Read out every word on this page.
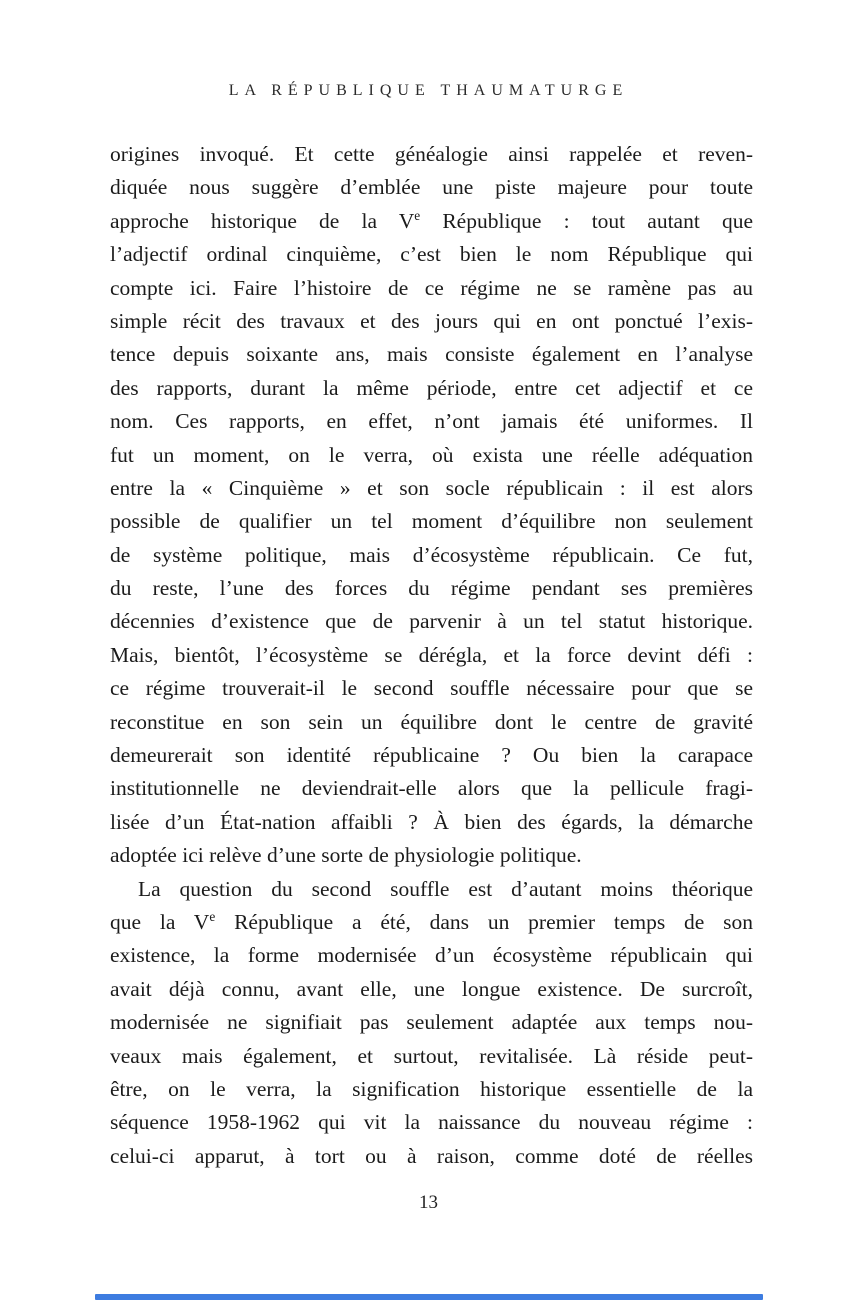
LA RÉPUBLIQUE THAUMATURGE
origines invoqué. Et cette généalogie ainsi rappelée et reven-
diquée nous suggère d’emblée une piste majeure pour toute
approche historique de la Ve République : tout autant que
l’adjectif ordinal cinquième, c’est bien le nom République qui
compte ici. Faire l’histoire de ce régime ne se ramène pas au
simple récit des travaux et des jours qui en ont ponctué l’exis-
tence depuis soixante ans, mais consiste également en l’analyse
des rapports, durant la même période, entre cet adjectif et ce
nom. Ces rapports, en effet, n’ont jamais été uniformes. Il
fut un moment, on le verra, où exista une réelle adéquation
entre la « Cinquième » et son socle républicain : il est alors
possible de qualifier un tel moment d’équilibre non seulement
de système politique, mais d’écosystème républicain. Ce fut,
du reste, l’une des forces du régime pendant ses premières
décennies d’existence que de parvenir à un tel statut historique.
Mais, bientôt, l’écosystème se dérégla, et la force devint défi :
ce régime trouverait-il le second souffle nécessaire pour que se
reconstitue en son sein un équilibre dont le centre de gravité
demeurerait son identité républicaine ? Ou bien la carapace
institutionnelle ne deviendrait-elle alors que la pellicule fragi-
lisée d’un État-nation affaibli ? À bien des égards, la démarche
adoptée ici relève d’une sorte de physiologie politique.
La question du second souffle est d’autant moins théorique
que la Ve République a été, dans un premier temps de son
existence, la forme modernisée d’un écosystème républicain qui
avait déjà connu, avant elle, une longue existence. De surcroît,
modernisée ne signifiait pas seulement adaptée aux temps nou-
veaux mais également, et surtout, revitalisée. Là réside peut-
être, on le verra, la signification historique essentielle de la
séquence 1958-1962 qui vit la naissance du nouveau régime :
celui-ci apparut, à tort ou à raison, comme doté de réelles
13
